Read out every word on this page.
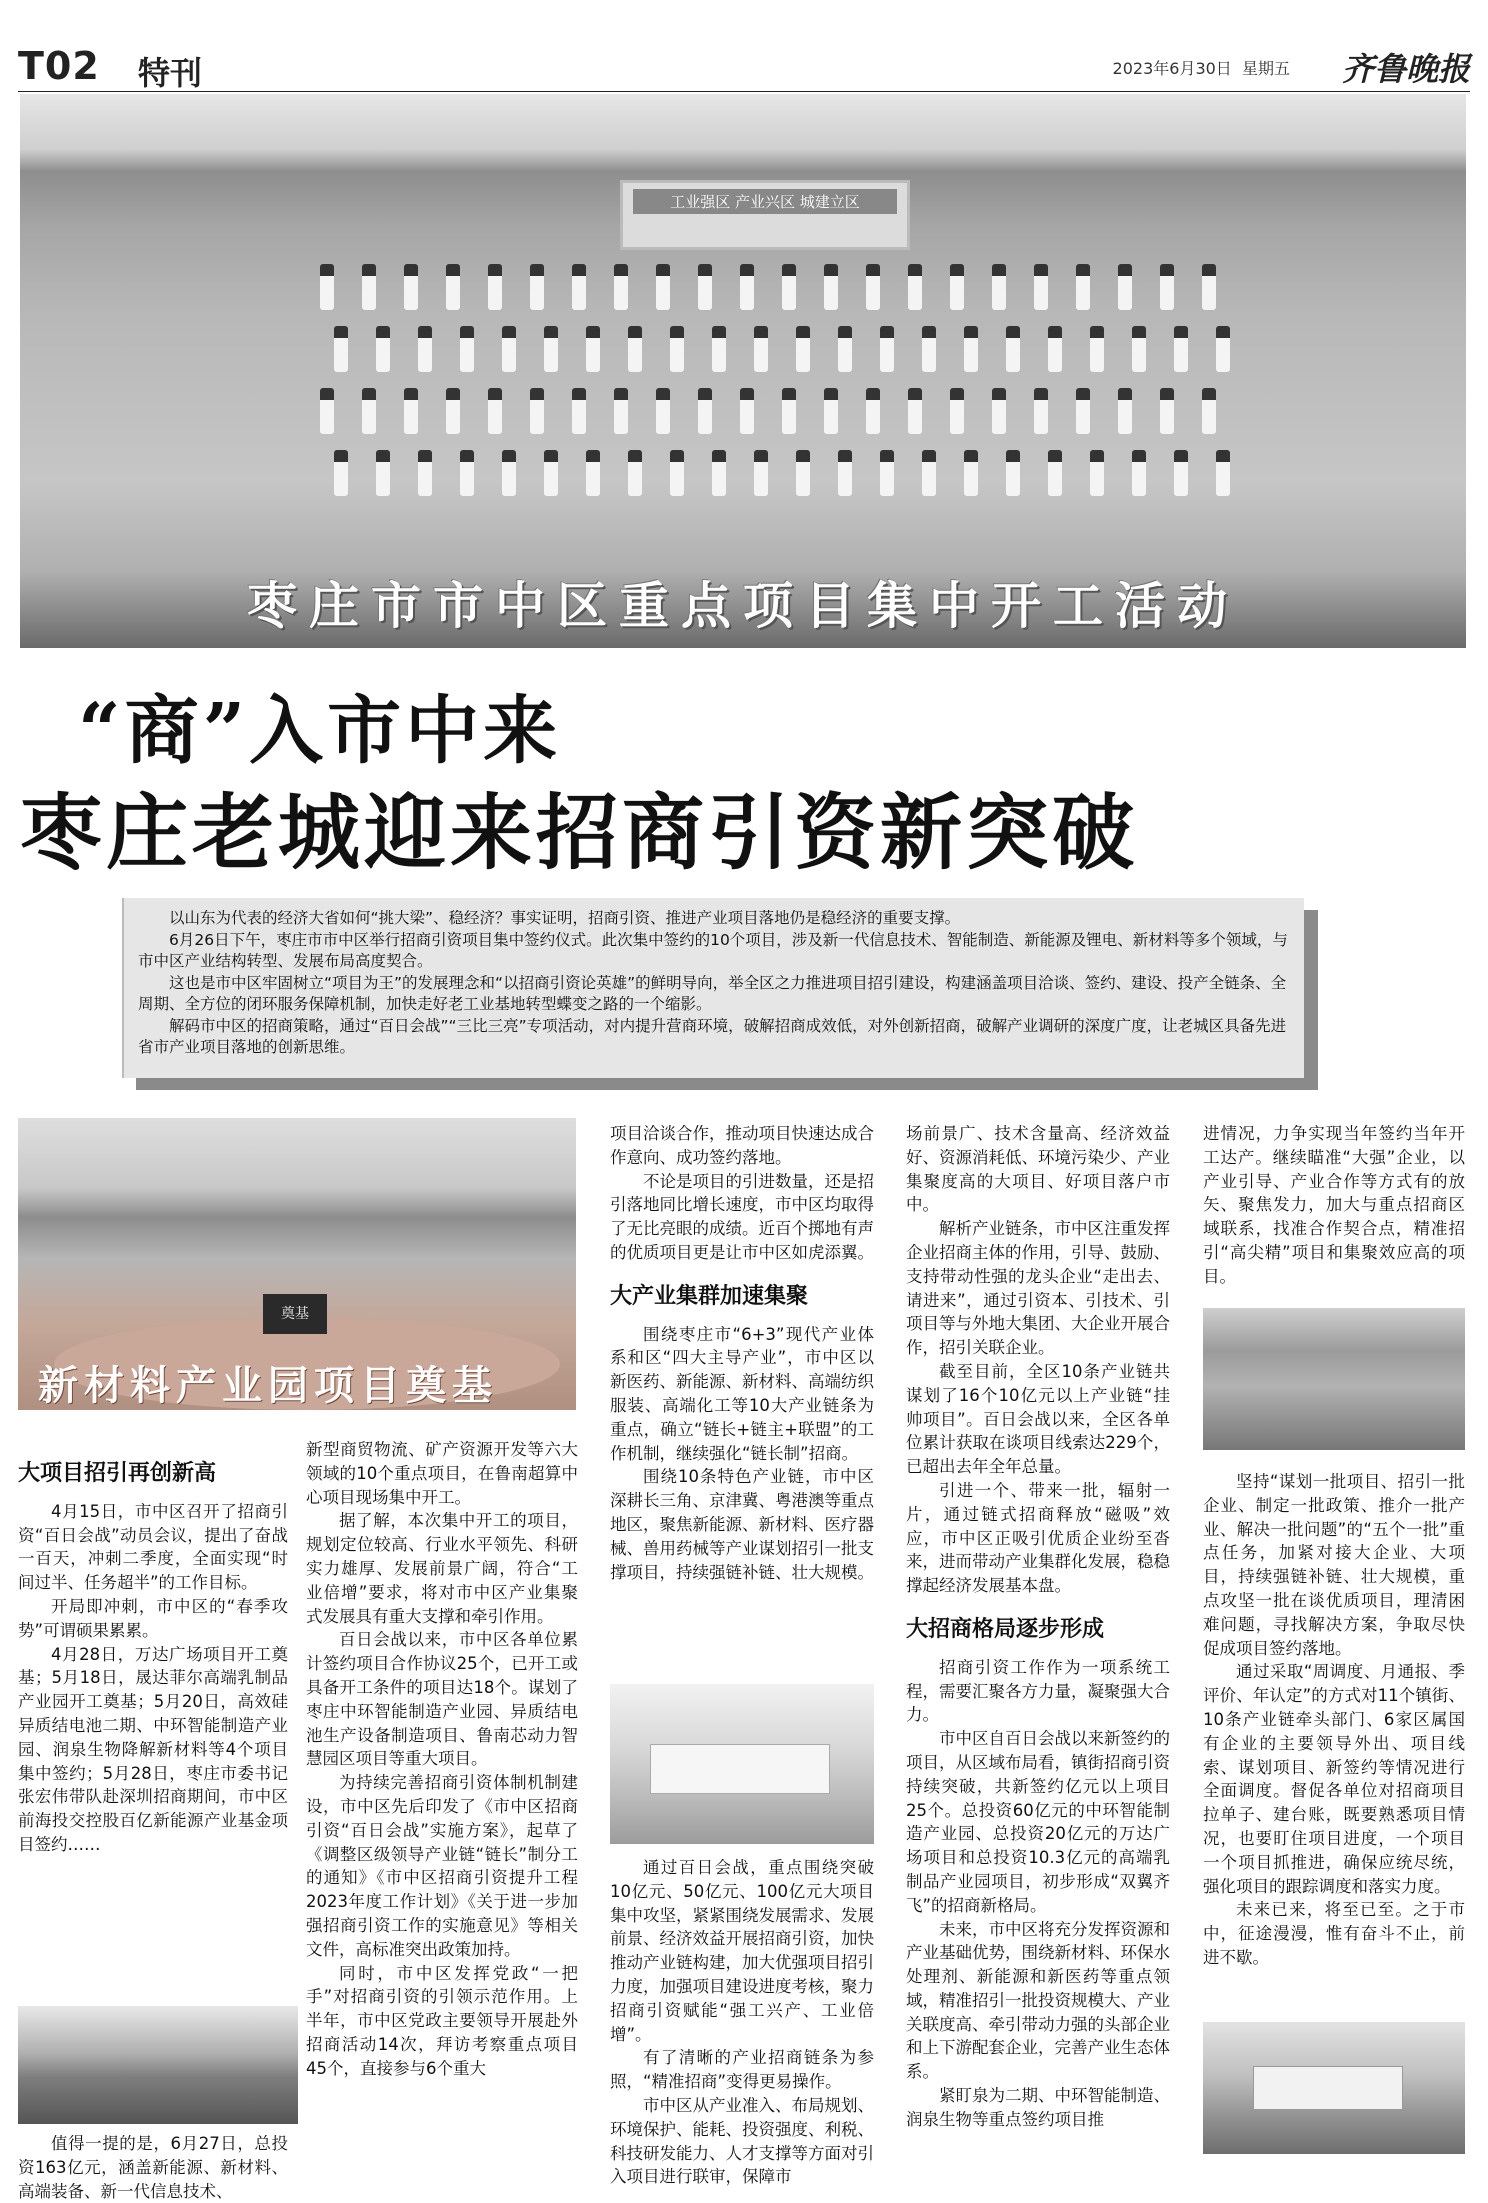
T02 特刊	2023年6月30日 星期五 齐鲁晚报
工业强区 产业兴区 城建立区
枣庄市市中区重点项目集中开工活动
“商”入市中来
枣庄老城迎来招商引资新突破

以山东为代表的经济大省如何“挑大梁”、稳经济？事实证明，招商引资、推进产业项目落地仍是稳经济的重要支撑。

6月26日下午，枣庄市市中区举行招商引资项目集中签约仪式。此次集中签约的10个项目，涉及新一代信息技术、智能制造、新能源及锂电、新材料等多个领域，与市中区产业结构转型、发展布局高度契合。

这也是市中区牢固树立“项目为王”的发展理念和“以招商引资论英雄”的鲜明导向，举全区之力推进项目招引建设，构建涵盖项目洽谈、签约、建设、投产全链条、全周期、全方位的闭环服务保障机制，加快走好老工业基地转型蝶变之路的一个缩影。

解码市中区的招商策略，通过“百日会战”“三比三亮”专项活动，对内提升营商环境，破解招商成效低，对外创新招商，破解产业调研的深度广度，让老城区具备先进省市产业项目落地的创新思维。

奠基
新材料产业园项目奠基
大项目招引再创新高

4月15日，市中区召开了招商引资“百日会战”动员会议，提出了奋战一百天，冲刺二季度，全面实现“时间过半、任务超半”的工作目标。

开局即冲刺，市中区的“春季攻势”可谓硕果累累。

4月28日，万达广场项目开工奠基；5月18日，晟达菲尔高端乳制品产业园开工奠基；5月20日，高效硅异质结电池二期、中环智能制造产业园、润泉生物降解新材料等4个项目集中签约；5月28日，枣庄市委书记张宏伟带队赴深圳招商期间，市中区前海投交控股百亿新能源产业基金项目签约……

值得一提的是，6月27日，总投资163亿元，涵盖新能源、新材料、高端装备、新一代信息技术、

新型商贸物流、矿产资源开发等六大领域的10个重点项目，在鲁南超算中心项目现场集中开工。

据了解，本次集中开工的项目，规划定位较高、行业水平领先、科研实力雄厚、发展前景广阔，符合“工业倍增”要求，将对市中区产业集聚式发展具有重大支撑和牵引作用。

百日会战以来，市中区各单位累计签约项目合作协议25个，已开工或具备开工条件的项目达18个。谋划了枣庄中环智能制造产业园、异质结电池生产设备制造项目、鲁南芯动力智慧园区项目等重大项目。

为持续完善招商引资体制机制建设，市中区先后印发了《市中区招商引资“百日会战”实施方案》，起草了《调整区级领导产业链“链长”制分工的通知》《市中区招商引资提升工程2023年度工作计划》《关于进一步加强招商引资工作的实施意见》等相关文件，高标准突出政策加持。

同时，市中区发挥党政“一把手”对招商引资的引领示范作用。上半年，市中区党政主要领导开展赴外招商活动14次，拜访考察重点项目45个，直接参与6个重大

项目洽谈合作，推动项目快速达成合作意向、成功签约落地。

不论是项目的引进数量，还是招引落地同比增长速度，市中区均取得了无比亮眼的成绩。近百个掷地有声的优质项目更是让市中区如虎添翼。

大产业集群加速集聚

围绕枣庄市“6+3”现代产业体系和区“四大主导产业”，市中区以新医药、新能源、新材料、高端纺织服装、高端化工等10大产业链条为重点，确立“链长+链主+联盟”的工作机制，继续强化“链长制”招商。

围绕10条特色产业链，市中区深耕长三角、京津冀、粤港澳等重点地区，聚焦新能源、新材料、医疗器械、兽用药械等产业谋划招引一批支撑项目，持续强链补链、壮大规模。

通过百日会战，重点围绕突破10亿元、50亿元、100亿元大项目集中攻坚，紧紧围绕发展需求、发展前景、经济效益开展招商引资，加快推动产业链构建，加大优强项目招引力度，加强项目建设进度考核，聚力招商引资赋能“强工兴产、工业倍增”。

有了清晰的产业招商链条为参照，“精准招商”变得更易操作。

市中区从产业准入、布局规划、环境保护、能耗、投资强度、利税、科技研发能力、人才支撑等方面对引入项目进行联审，保障市

场前景广、技术含量高、经济效益好、资源消耗低、环境污染少、产业集聚度高的大项目、好项目落户市中。

解析产业链条，市中区注重发挥企业招商主体的作用，引导、鼓励、支持带动性强的龙头企业“走出去、请进来”，通过引资本、引技术、引项目等与外地大集团、大企业开展合作，招引关联企业。

截至目前，全区10条产业链共谋划了16个10亿元以上产业链“挂帅项目”。百日会战以来，全区各单位累计获取在谈项目线索达229个，已超出去年全年总量。

引进一个、带来一批，辐射一片，通过链式招商释放“磁吸”效应，市中区正吸引优质企业纷至沓来，进而带动产业集群化发展，稳稳撑起经济发展基本盘。

大招商格局逐步形成

招商引资工作作为一项系统工程，需要汇聚各方力量，凝聚强大合力。

市中区自百日会战以来新签约的项目，从区域布局看，镇街招商引资持续突破，共新签约亿元以上项目25个。总投资60亿元的中环智能制造产业园、总投资20亿元的万达广场项目和总投资10.3亿元的高端乳制品产业园项目，初步形成“双翼齐飞”的招商新格局。

未来，市中区将充分发挥资源和产业基础优势，围绕新材料、环保水处理剂、新能源和新医药等重点领域，精准招引一批投资规模大、产业关联度高、牵引带动力强的头部企业和上下游配套企业，完善产业生态体系。

紧盯泉为二期、中环智能制造、润泉生物等重点签约项目推

进情况，力争实现当年签约当年开工达产。继续瞄准“大强”企业，以产业引导、产业合作等方式有的放矢、聚焦发力，加大与重点招商区域联系，找准合作契合点，精准招引“高尖精”项目和集聚效应高的项目。

坚持“谋划一批项目、招引一批企业、制定一批政策、推介一批产业、解决一批问题”的“五个一批”重点任务，加紧对接大企业、大项目，持续强链补链、壮大规模，重点攻坚一批在谈优质项目，理清困难问题，寻找解决方案，争取尽快促成项目签约落地。

通过采取“周调度、月通报、季评价、年认定”的方式对11个镇街、10条产业链牵头部门、6家区属国有企业的主要领导外出、项目线索、谋划项目、新签约等情况进行全面调度。督促各单位对招商项目拉单子、建台账，既要熟悉项目情况，也要盯住项目进度，一个项目一个项目抓推进，确保应统尽统，强化项目的跟踪调度和落实力度。

未来已来，将至已至。之于市中，征途漫漫，惟有奋斗不止，前进不歇。
